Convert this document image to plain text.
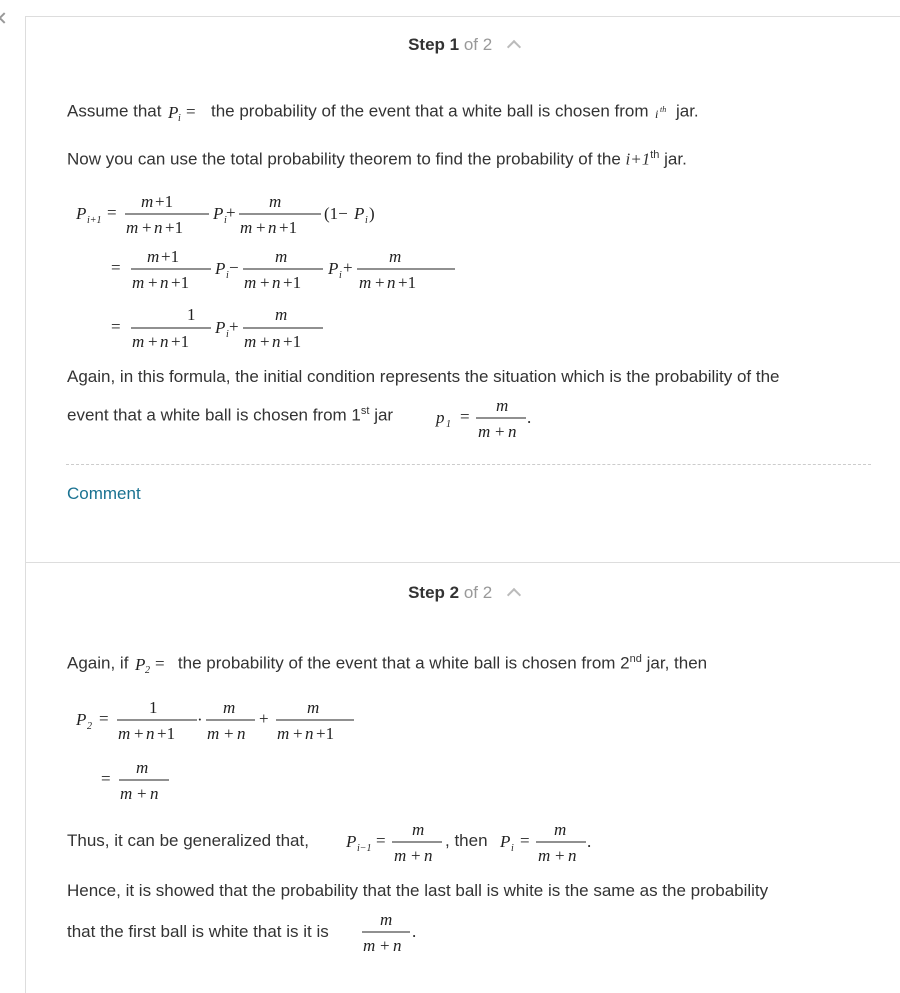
Step 1 of 2
Assume that P i = the probability of the event that a white ball is chosen from i th jar.
Now you can use the total probability theorem to find the probability of the i+1th jar.
P i+1 =
m +1
m + n +1
P i +
m
m + n +1
(1− P i )
=
m +1
m + n +1
P i −
m
m + n +1
P i +
m
m + n +1
=
1
m + n +1
P i +
m
m + n +1
Again, in this formula, the initial condition represents the situation which is the probability of the
event that a white ball is chosen from 1st jar	p 1 =
m
m + n
.
Comment
Step 2 of 2
Again, if P 2 = the probability of the event that a white ball is chosen from 2nd jar, then
P 2 =
1
m + n +1
·
m
m + n
+
m
m + n +1
=
m
m + n
Thus, it can be generalized that, P i−1 =
m
m + n
, then P i =
m
m + n
.
Hence, it is showed that the probability that the last ball is white is the same as the probability
that the first ball is white that is it is
m
m + n
.
